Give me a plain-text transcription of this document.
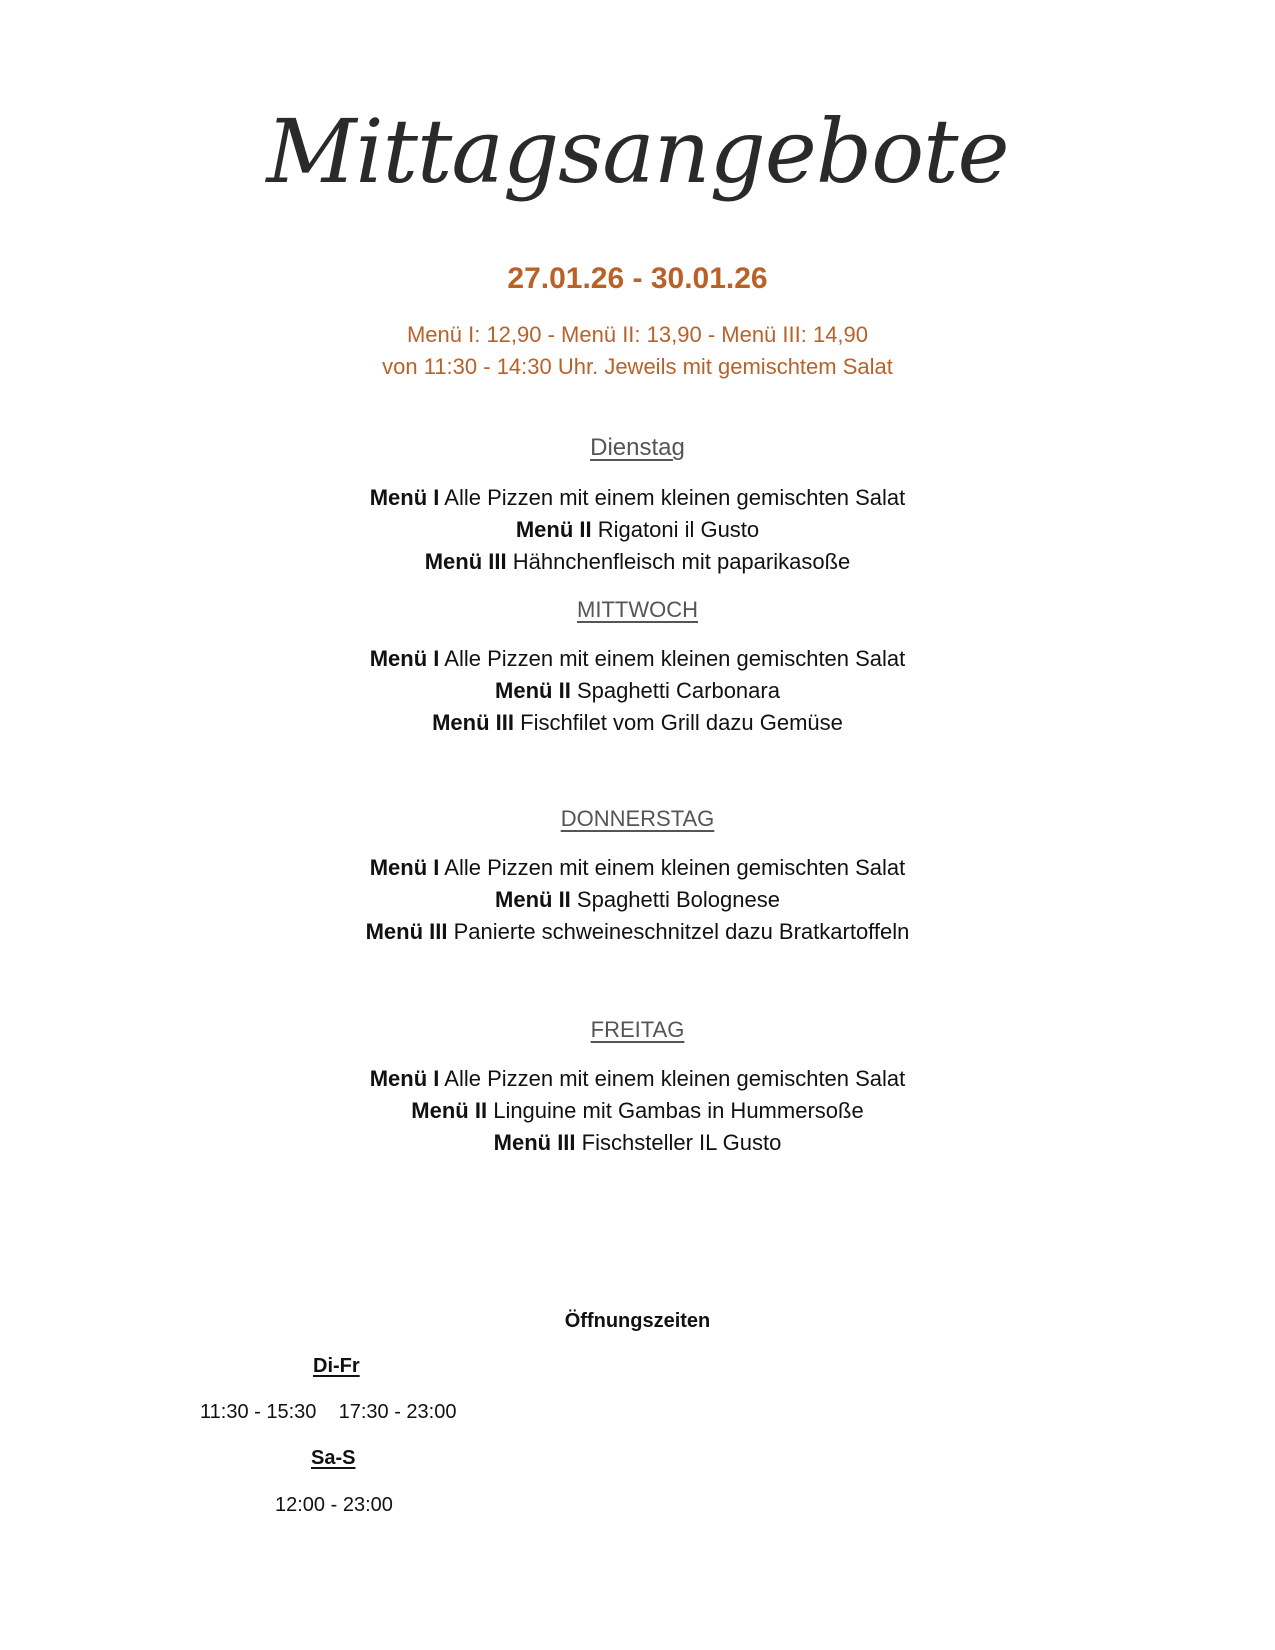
Mittagsangebote
27.01.26 - 30.01.26
Menü I: 12,90 - Menü II: 13,90 - Menü III: 14,90
von 11:30 - 14:30 Uhr. Jeweils mit gemischtem Salat
Dienstag
Menü I Alle Pizzen mit einem kleinen gemischten Salat
Menü II Rigatoni il Gusto
Menü III Hähnchenfleisch mit paparikasoße
MITTWOCH
Menü I Alle Pizzen mit einem kleinen gemischten Salat
Menü II Spaghetti Carbonara
Menü III Fischfilet vom Grill dazu Gemüse
DONNERSTAG
Menü I Alle Pizzen mit einem kleinen gemischten Salat
Menü II Spaghetti Bolognese
Menü III Panierte schweineschnitzel dazu Bratkartoffeln
FREITAG
Menü I Alle Pizzen mit einem kleinen gemischten Salat
Menü II Linguine mit Gambas in Hummersoße
Menü III Fischsteller IL Gusto
Öffnungszeiten
Di-Fr
11:30 - 15:30    17:30 - 23:00
Sa-S
12:00 - 23:00
